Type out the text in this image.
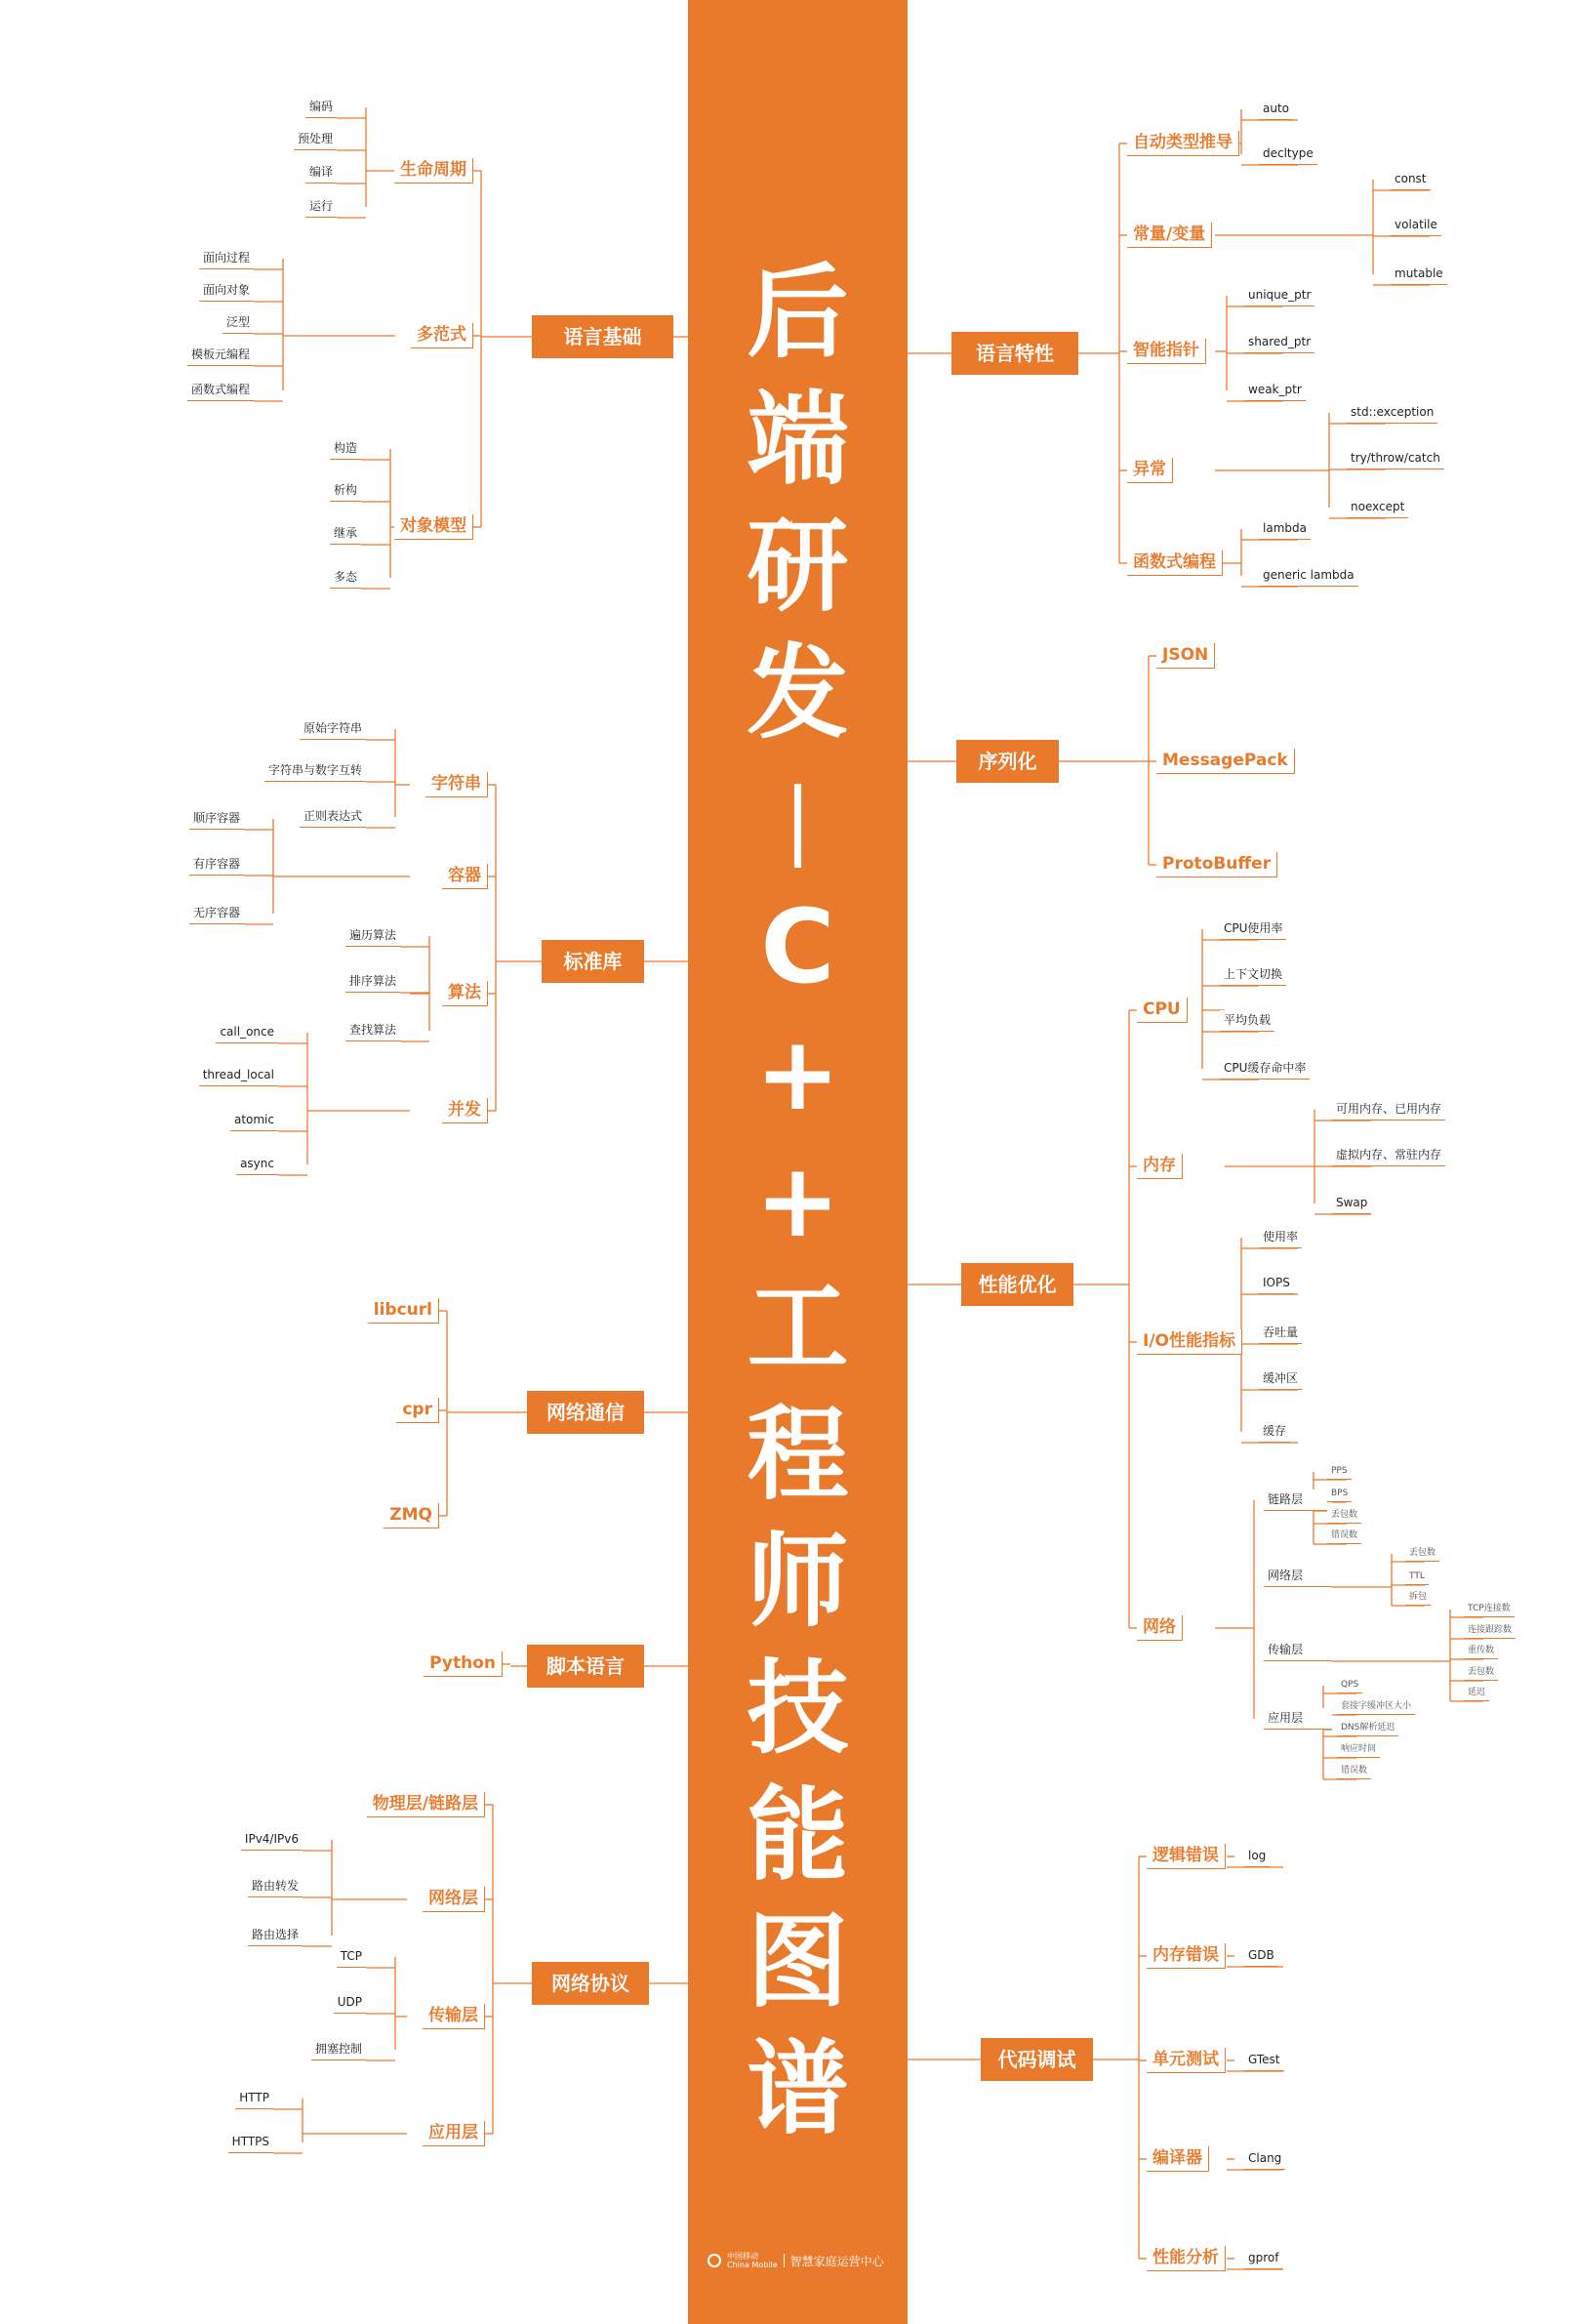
后
端
研
发
|
C
+
+
工
程
师
技
能
图
谱
中国移动
China Mobile 智慧家庭运营中心
语言基础
生命周期
编码
预处理
编译
运行
多范式
面向过程
面向对象
泛型
模板元编程
函数式编程
对象模型
构造
析构
继承
多态
标准库
字符串
原始字符串
字符串与数字互转
正则表达式
容器
顺序容器
有序容器
无序容器
算法
遍历算法
排序算法
查找算法
并发
call_once
thread_local
atomic
async
网络通信
libcurl
cpr
ZMQ
脚本语言
Python
网络协议
物理层/链路层
网络层
IPv4/IPv6
路由转发
路由选择
传输层
TCP
UDP
拥塞控制
应用层
HTTP
HTTPS
语言特性
自动类型推导
auto
decltype
常量/变量
const
volatile
mutable
智能指针
unique_ptr
shared_ptr
weak_ptr
异常
std::exception
try/throw/catch
noexcept
函数式编程
lambda
generic lambda
序列化
JSON
MessagePack
ProtoBuffer
性能优化
CPU
CPU使用率
上下文切换
平均负载
CPU缓存命中率
内存
可用内存、已用内存
虚拟内存、常驻内存
Swap
I/O性能指标
使用率
IOPS
吞吐量
缓冲区
缓存
网络
链路层
PPS
BPS
丢包数
错误数
网络层
丢包数
TTL
拆包
传输层
TCP连接数
连接跟踪数
重传数
丢包数
延迟
应用层
QPS
套接字缓冲区大小
DNS解析延迟
响应时间
错误数
代码调试
逻辑错误	log
内存错误	GDB
单元测试	GTest
编译器	Clang
性能分析	gprof
